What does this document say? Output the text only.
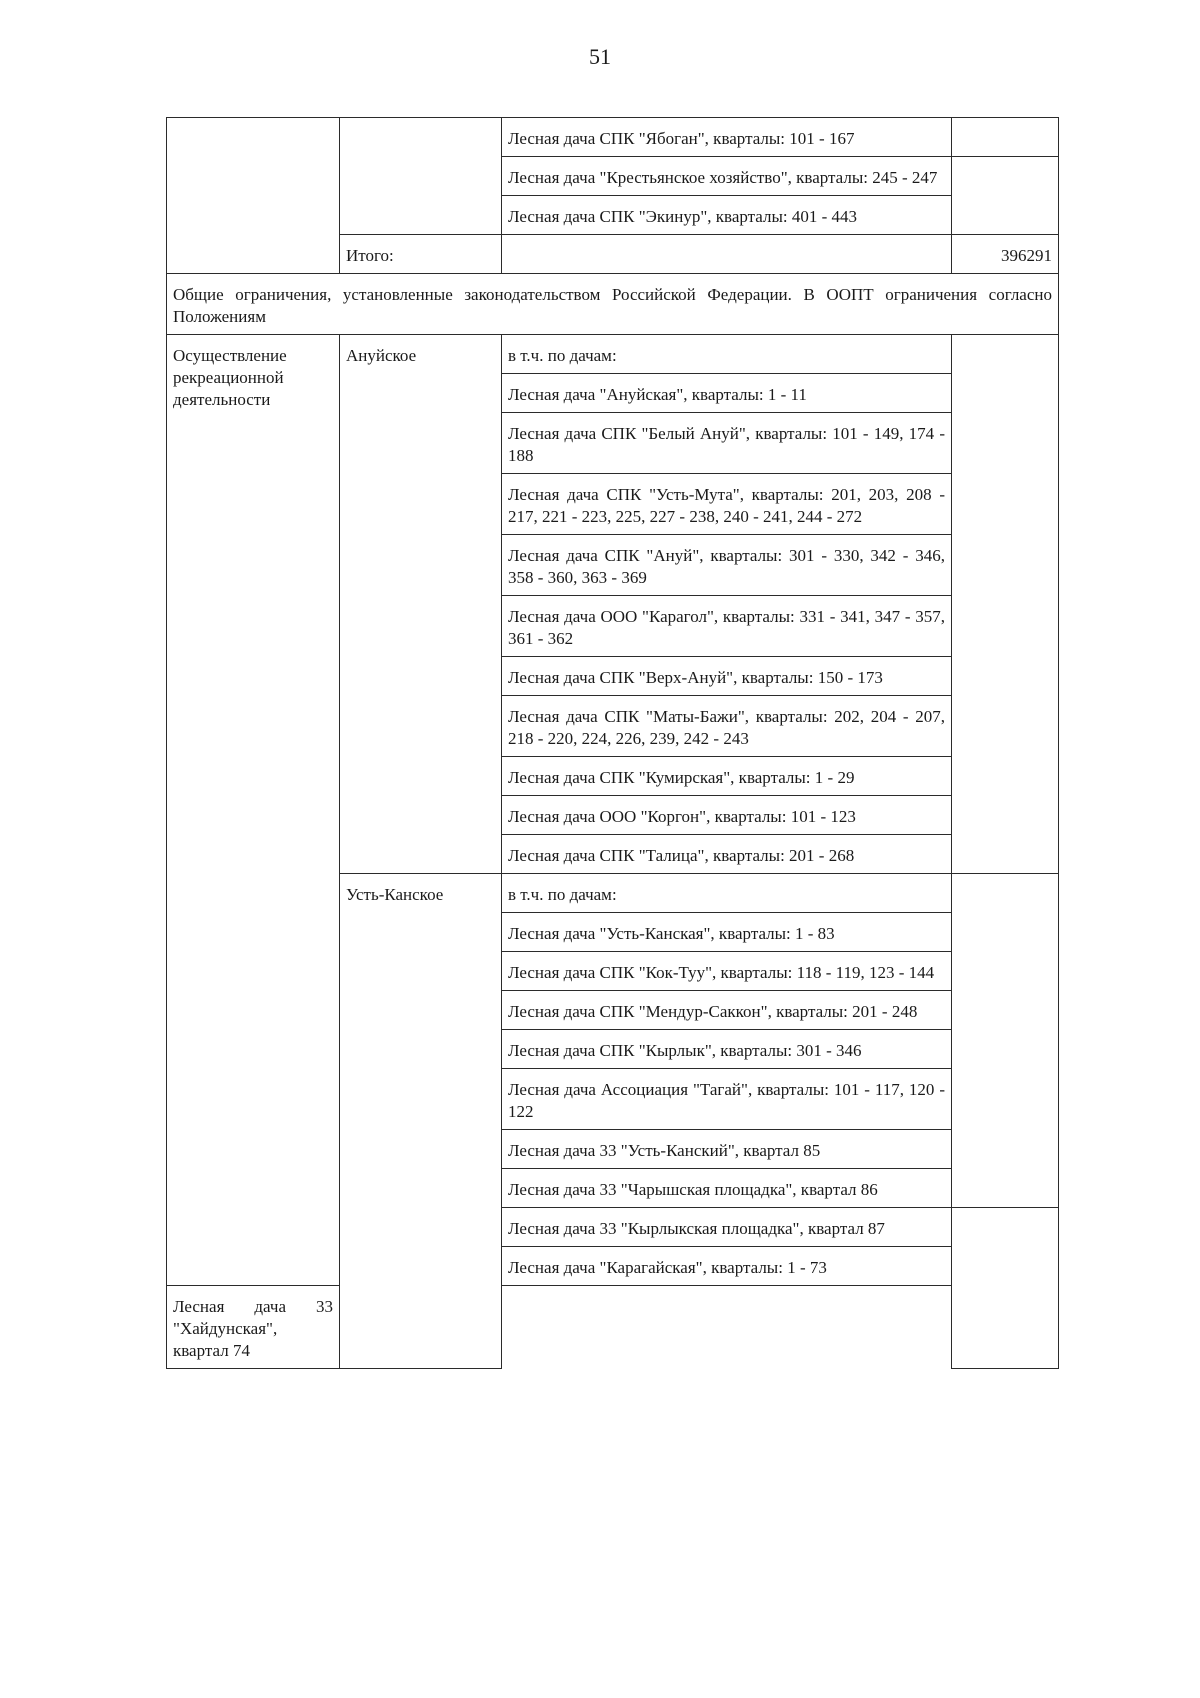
51
		Лесная дача СПК "Ябоган", кварталы: 101 - 167	
		Лесная дача "Крестьянское хозяйство", кварталы: 245 - 247	
		Лесная дача СПК "Экинур", кварталы: 401 - 443	
	Итого:		396291
Общие ограничения, установленные законодательством Российской Федерации. В ООПТ ограничения согласно Положениям			
Осуществление рекреационной деятельности	Ануйское	в т.ч. по дачам:	
		Лесная дача "Ануйская", кварталы: 1 - 11	
		Лесная дача СПК "Белый Ануй", кварталы: 101 - 149, 174 - 188	
		Лесная дача СПК "Усть-Мута", кварталы: 201, 203, 208 - 217, 221 - 223, 225, 227 - 238, 240 - 241, 244 - 272	
		Лесная дача СПК "Ануй", кварталы: 301 - 330, 342 - 346, 358 - 360, 363 - 369	
		Лесная дача ООО "Карагол", кварталы: 331 - 341, 347 - 357, 361 - 362	
		Лесная дача СПК "Верх-Ануй", кварталы: 150 - 173	
		Лесная дача СПК "Маты-Бажи", кварталы: 202, 204 - 207, 218 - 220, 224, 226, 239, 242 - 243	
		Лесная дача СПК "Кумирская", кварталы: 1 - 29	
		Лесная дача ООО "Коргон", кварталы: 101 - 123	
		Лесная дача СПК "Талица", кварталы: 201 - 268	
	Усть-Канское	в т.ч. по дачам:	
		Лесная дача "Усть-Канская", кварталы: 1 - 83	
		Лесная дача СПК "Кок-Туу", кварталы: 118 - 119, 123 - 144	
		Лесная дача СПК "Мендур-Саккон", кварталы: 201 - 248	
		Лесная дача СПК "Кырлык", кварталы: 301 - 346	
		Лесная дача Ассоциация "Тагай", кварталы: 101 - 117, 120 - 122	
		Лесная дача 33 "Усть-Канский", квартал 85	
		Лесная дача 33 "Чарышская площадка", квартал 86	
		Лесная дача 33 "Кырлыкская площадка", квартал 87	
		Лесная дача "Карагайская", кварталы: 1 - 73	
Лесная дача 33 "Хайдунская", квартал 74			
